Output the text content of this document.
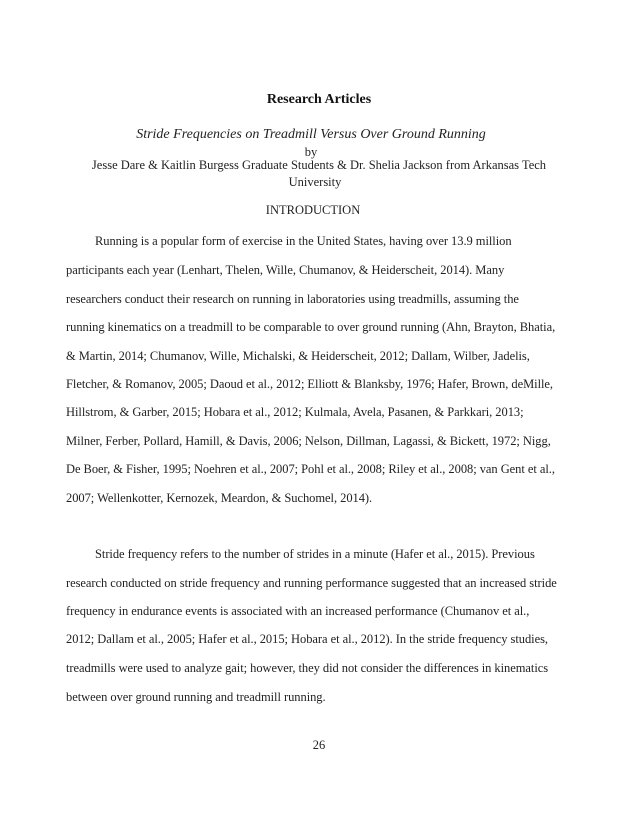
Research Articles
Stride Frequencies on Treadmill Versus Over Ground Running
by
Jesse Dare & Kaitlin Burgess Graduate Students & Dr. Shelia Jackson from Arkansas Tech
University
INTRODUCTION
Running is a popular form of exercise in the United States, having over 13.9 million
participants each year (Lenhart, Thelen, Wille, Chumanov, & Heiderscheit, 2014). Many
researchers conduct their research on running in laboratories using treadmills, assuming the
running kinematics on a treadmill to be comparable to over ground running (Ahn, Brayton, Bhatia,
& Martin, 2014; Chumanov, Wille, Michalski, & Heiderscheit, 2012; Dallam, Wilber, Jadelis,
Fletcher, & Romanov, 2005; Daoud et al., 2012; Elliott & Blanksby, 1976; Hafer, Brown, deMille,
Hillstrom, & Garber, 2015; Hobara et al., 2012; Kulmala, Avela, Pasanen, & Parkkari, 2013;
Milner, Ferber, Pollard, Hamill, & Davis, 2006; Nelson, Dillman, Lagassi, & Bickett, 1972; Nigg,
De Boer, & Fisher, 1995; Noehren et al., 2007; Pohl et al., 2008; Riley et al., 2008; van Gent et al.,
2007; Wellenkotter, Kernozek, Meardon, & Suchomel, 2014).
Stride frequency refers to the number of strides in a minute (Hafer et al., 2015). Previous
research conducted on stride frequency and running performance suggested that an increased stride
frequency in endurance events is associated with an increased performance (Chumanov et al.,
2012; Dallam et al., 2005; Hafer et al., 2015; Hobara et al., 2012). In the stride frequency studies,
treadmills were used to analyze gait; however, they did not consider the differences in kinematics
between over ground running and treadmill running.
26
